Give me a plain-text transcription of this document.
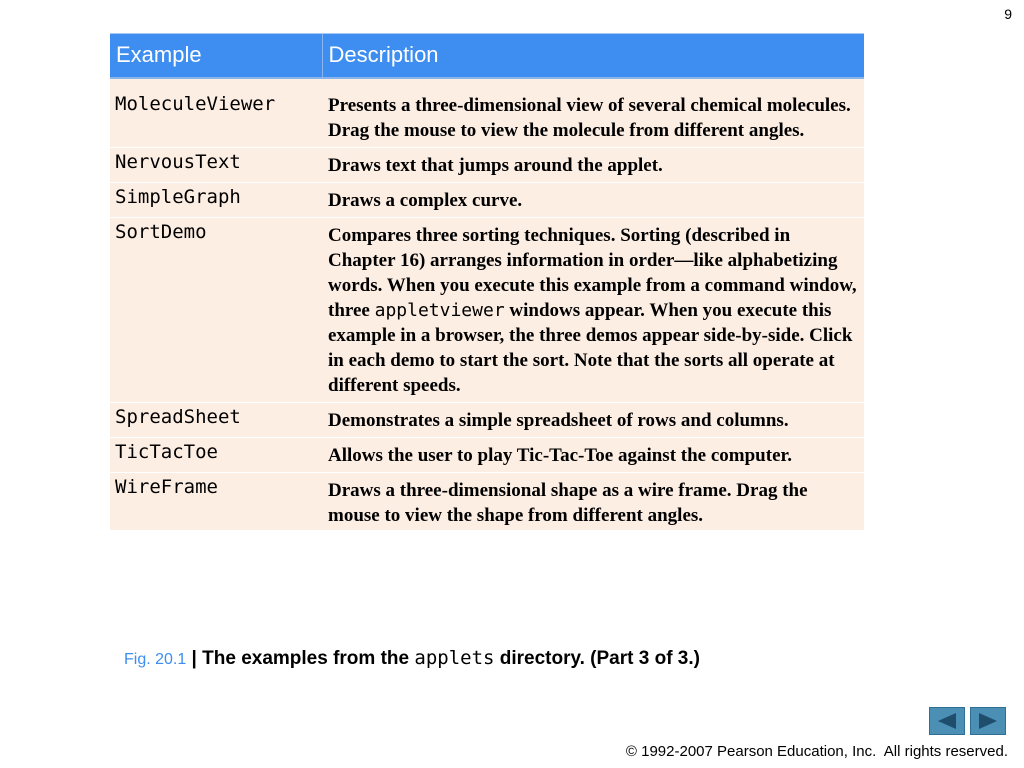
9
Example	Description
MoleculeViewer	Presents a three-dimensional view of several chemical molecules. Drag the mouse to view the molecule from different angles.
NervousText	Draws text that jumps around the applet.
SimpleGraph	Draws a complex curve.
SortDemo	Compares three sorting techniques. Sorting (described in Chapter 16) arranges information in order—like alphabetizing words. When you execute this example from a command window, three appletviewer windows appear. When you execute this example in a browser, the three demos appear side-by-side. Click in each demo to start the sort. Note that the sorts all operate at different speeds.
SpreadSheet	Demonstrates a simple spreadsheet of rows and columns.
TicTacToe	Allows the user to play Tic-Tac-Toe against the computer.
WireFrame	Draws a three-dimensional shape as a wire frame. Drag the mouse to view the shape from different angles.
Fig. 20.1 | The examples from the applets directory. (Part 3 of 3.)
© 1992-2007 Pearson Education, Inc.  All rights reserved.
